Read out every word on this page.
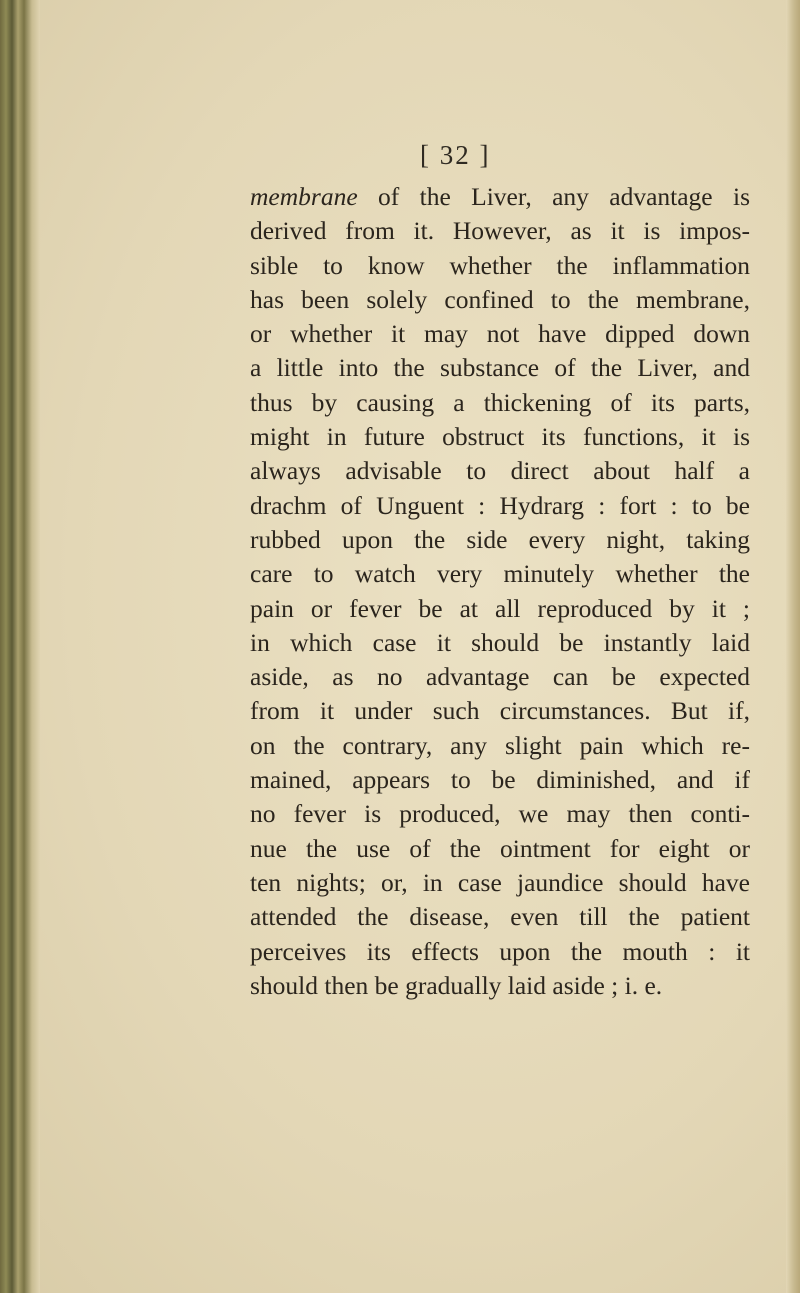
[ 32 ]
membrane of the Liver, any advantage is
derived from it. However, as it is impos-
sible to know whether the inflammation
has been solely confined to the membrane,
or whether it may not have dipped down
a little into the substance of the Liver, and
thus by causing a thickening of its parts,
might in future obstruct its functions, it is
always advisable to direct about half a
drachm of Unguent : Hydrarg : fort : to be
rubbed upon the side every night, taking
care to watch very minutely whether the
pain or fever be at all reproduced by it ;
in which case it should be instantly laid
aside, as no advantage can be expected
from it under such circumstances. But if,
on the contrary, any slight pain which re-
mained, appears to be diminished, and if
no fever is produced, we may then conti-
nue the use of the ointment for eight or
ten nights; or, in case jaundice should have
attended the disease, even till the patient
perceives its effects upon the mouth : it
should then be gradually laid aside ; i. e.
